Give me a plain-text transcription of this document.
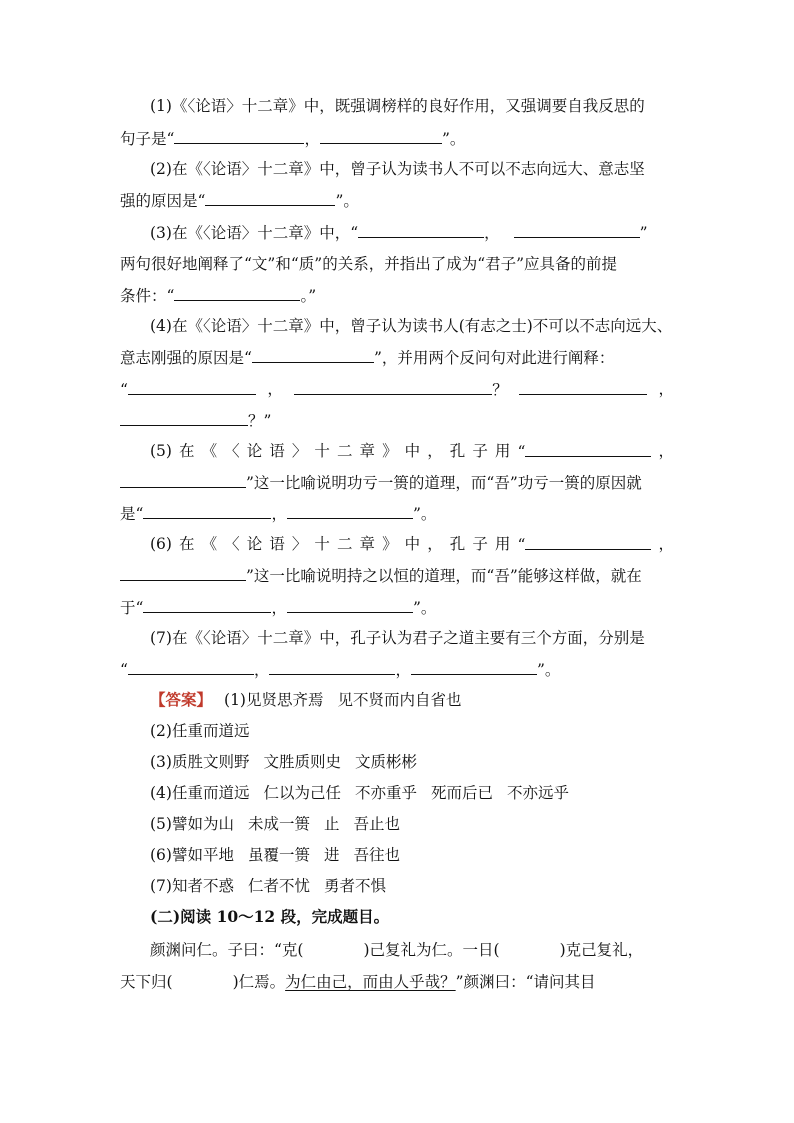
(1)《〈论语〉十二章》中，既强调榜样的良好作用，又强调要自我反思的
句子是“	，	”。
(2)在《〈论语〉十二章》中，曾子认为读书人不可以不志向远大、意志坚
强的原因是“	”。
(3)在《〈论语〉十二章》中，“	，	”
两句很好地阐释了“文”和“质”的关系，并指出了成为“君子”应具备的前提
条件：“	。”
(4)在《〈论语〉十二章》中，曾子认为读书人(有志之士)不可以不志向远大、
意志刚强的原因是“	”，并用两个反问句对此进行阐释：
“	，	？	，
？”
(5) 在 《 〈 论 语 〉 十 二 章 》 中 ， 孔 子 用 “	，
”这一比喻说明功亏一篑的道理，而“吾”功亏一篑的原因就
是“	，	”。
(6) 在 《 〈 论 语 〉 十 二 章 》 中 ， 孔 子 用 “	，
”这一比喻说明持之以恒的道理，而“吾”能够这样做，就在
于“	，	”。
(7)在《〈论语〉十二章》中，孔子认为君子之道主要有三个方面，分别是
“	，	，	”。
【答案】 (1)见贤思齐焉 见不贤而内自省也
(2)任重而道远
(3)质胜文则野 文胜质则史 文质彬彬
(4)任重而道远 仁以为己任 不亦重乎 死而后已 不亦远乎
(5)譬如为山 未成一篑 止 吾止也
(6)譬如平地 虽覆一篑 进 吾往也
(7)知者不惑 仁者不忧 勇者不惧
(二)阅读 10～12 段，完成题目。
颜渊问仁。子曰：“克(	)己复礼为仁。一日(	)克己复礼，
天下归(	)仁焉。为仁由己，而由人乎哉？”颜渊曰：“请问其目
